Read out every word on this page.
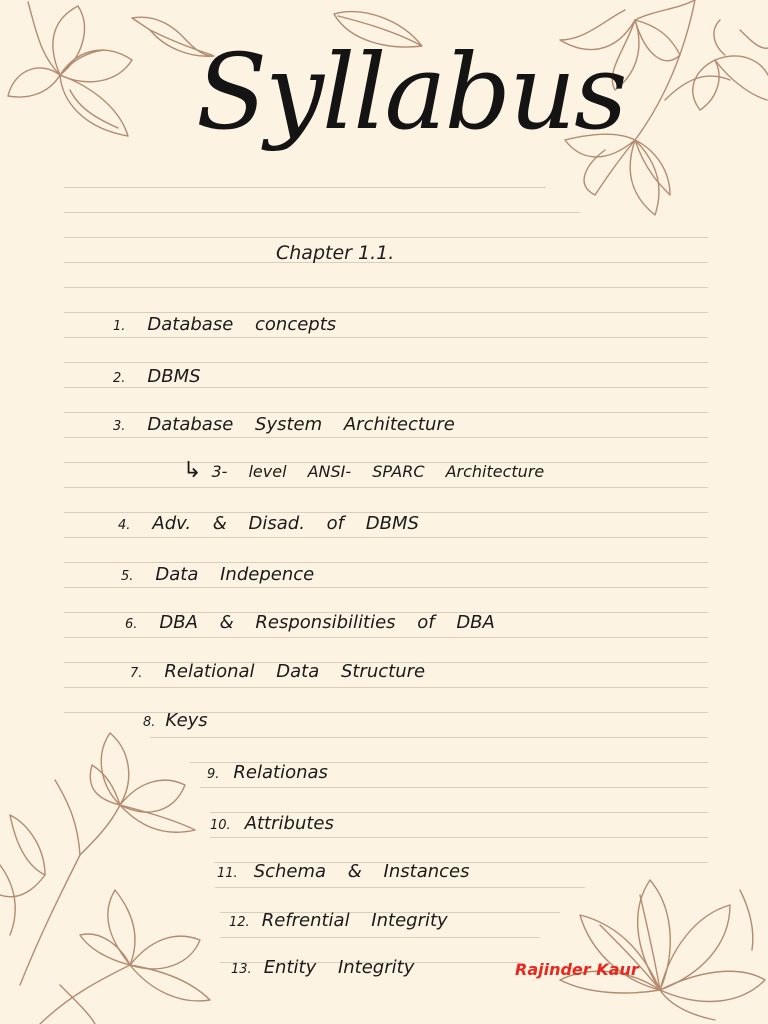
Syllabus
Chapter 1.1.
1. Database concepts
2. DBMS
3. Database System Architecture
↳ 3- level ANSI- SPARC Architecture
4. Adv. & Disad. of DBMS
5. Data Indepence
6. DBA & Responsibilities of DBA
7. Relational Data Structure
8. Keys
9. Relationas
10. Attributes
11. Schema & Instances
12. Refrential Integrity
13. Entity Integrity	Rajinder Kaur
